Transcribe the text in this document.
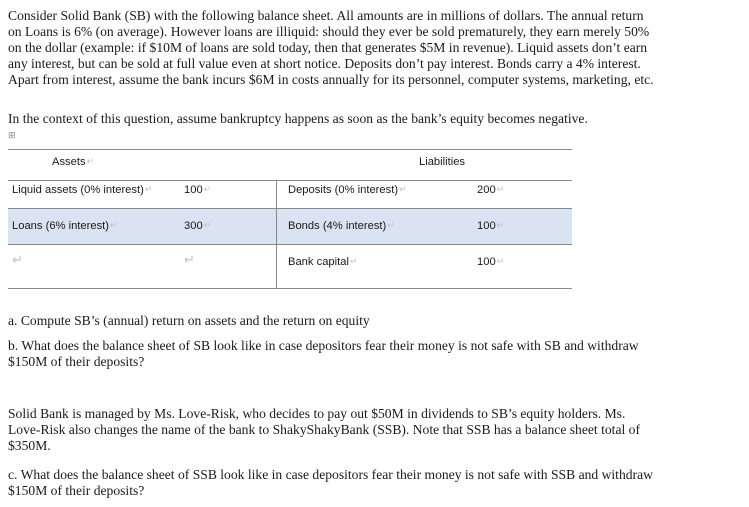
Consider Solid Bank (SB) with the following balance sheet. All amounts are in millions of dollars. The annual return

on Loans is 6% (on average). However loans are illiquid: should they ever be sold prematurely, they earn merely 50%

on the dollar (example: if $10M of loans are sold today, then that generates $5M in revenue). Liquid assets don’t earn

any interest, but can be sold at full value even at short notice. Deposits don’t pay interest. Bonds carry a 4% interest.

Apart from interest, assume the bank incurs $6M in costs annually for its personnel, computer systems, marketing, etc.

In the context of this question, assume bankruptcy happens as soon as the bank’s equity becomes negative.
⊞
Assets↵	Liabilities
Liquid assets (0% interest)↵	100↵	Deposits (0% interest)↵	200↵
Loans (6% interest)↵	300↵	Bonds (4% interest)↵	100↵
↵	↵	Bank capital↵	100↵
a. Compute SB’s (annual) return on assets and the return on equity

b. What does the balance sheet of SB look like in case depositors fear their money is not safe with SB and withdraw

$150M of their deposits?

Solid Bank is managed by Ms. Love-Risk, who decides to pay out $50M in dividends to SB’s equity holders. Ms.

Love-Risk also changes the name of the bank to ShakyShakyBank (SSB). Note that SSB has a balance sheet total of

$350M.

c. What does the balance sheet of SSB look like in case depositors fear their money is not safe with SSB and withdraw

$150M of their deposits?
